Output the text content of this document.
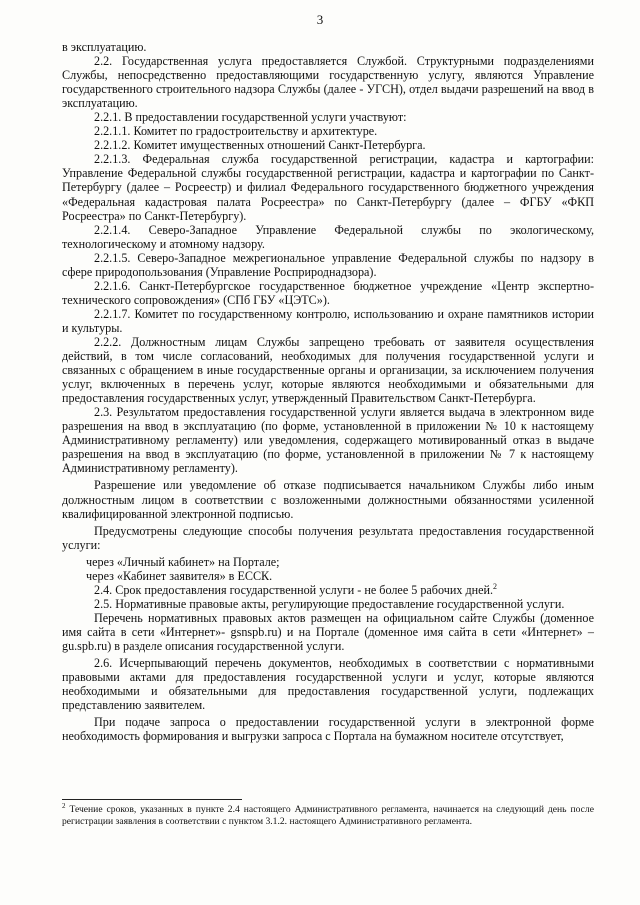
3

в эксплуатацию.

2.2. Государственная услуга предоставляется Службой. Структурными подразделениями Службы, непосредственно предоставляющими государственную услугу, являются Управление государственного строительного надзора Службы (далее - УГСН), отдел выдачи разрешений на ввод в эксплуатацию.

2.2.1. В предоставлении государственной услуги участвуют:

2.2.1.1. Комитет по градостроительству и архитектуре.

2.2.1.2. Комитет имущественных отношений Санкт-Петербурга.

2.2.1.3. Федеральная служба государственной регистрации, кадастра и картографии: Управление Федеральной службы государственной регистрации, кадастра и картографии по Санкт-Петербургу (далее – Росреестр) и филиал Федерального государственного бюджетного учреждения «Федеральная кадастровая палата Росреестра» по Санкт-Петербургу (далее – ФГБУ «ФКП Росреестра» по Санкт-Петербургу).

2.2.1.4. Северо-Западное Управление Федеральной службы по экологическому, технологическому и атомному надзору.

2.2.1.5. Северо-Западное межрегиональное управление Федеральной службы по надзору в сфере природопользования (Управление Росприроднадзора).

2.2.1.6. Санкт-Петербургское государственное бюджетное учреждение «Центр экспертно-технического сопровождения» (СПб ГБУ «ЦЭТС»).

2.2.1.7. Комитет по государственному контролю, использованию и охране памятников истории и культуры.

2.2.2. Должностным лицам Службы запрещено требовать от заявителя осуществления действий, в том числе согласований, необходимых для получения государственной услуги и связанных с обращением в иные государственные органы и организации, за исключением получения услуг, включенных в перечень услуг, которые являются необходимыми и обязательными для предоставления государственных услуг, утвержденный Правительством Санкт-Петербурга.

2.3. Результатом предоставления государственной услуги является выдача в электронном виде разрешения на ввод в эксплуатацию (по форме, установленной в приложении № 10 к настоящему Административному регламенту) или уведомления, содержащего мотивированный отказ в выдаче разрешения на ввод в эксплуатацию (по форме, установленной в приложении № 7 к настоящему Административному регламенту).

Разрешение или уведомление об отказе подписывается начальником Службы либо иным должностным лицом в соответствии с возложенными должностными обязанностями усиленной квалифицированной электронной подписью.

Предусмотрены следующие способы получения результата предоставления государственной услуги:

через «Личный кабинет» на Портале;

через «Кабинет заявителя» в ЕССК.

2.4. Срок предоставления государственной услуги - не более 5 рабочих дней.$^2$

2.5. Нормативные правовые акты, регулирующие предоставление государственной услуги.

Перечень нормативных правовых актов размещен на официальном сайте Службы (доменное имя сайта в сети «Интернет»- gsnspb.ru) и на Портале (доменное имя сайта в сети «Интернет» – gu.spb.ru) в разделе описания государственной услуги.

2.6. Исчерпывающий перечень документов, необходимых в соответствии с нормативными правовыми актами для предоставления государственной услуги и услуг, которые являются необходимыми и обязательными для предоставления государственной услуги, подлежащих представлению заявителем.

При подаче запроса о предоставлении государственной услуги в электронной форме необходимость формирования и выгрузки запроса с Портала на бумажном носителе отсутствует,

$^2$ Течение сроков, указанных в пункте 2.4 настоящего Административного регламента, начинается на следующий день после регистрации заявления в соответствии с пунктом 3.1.2. настоящего Административного регламента.
